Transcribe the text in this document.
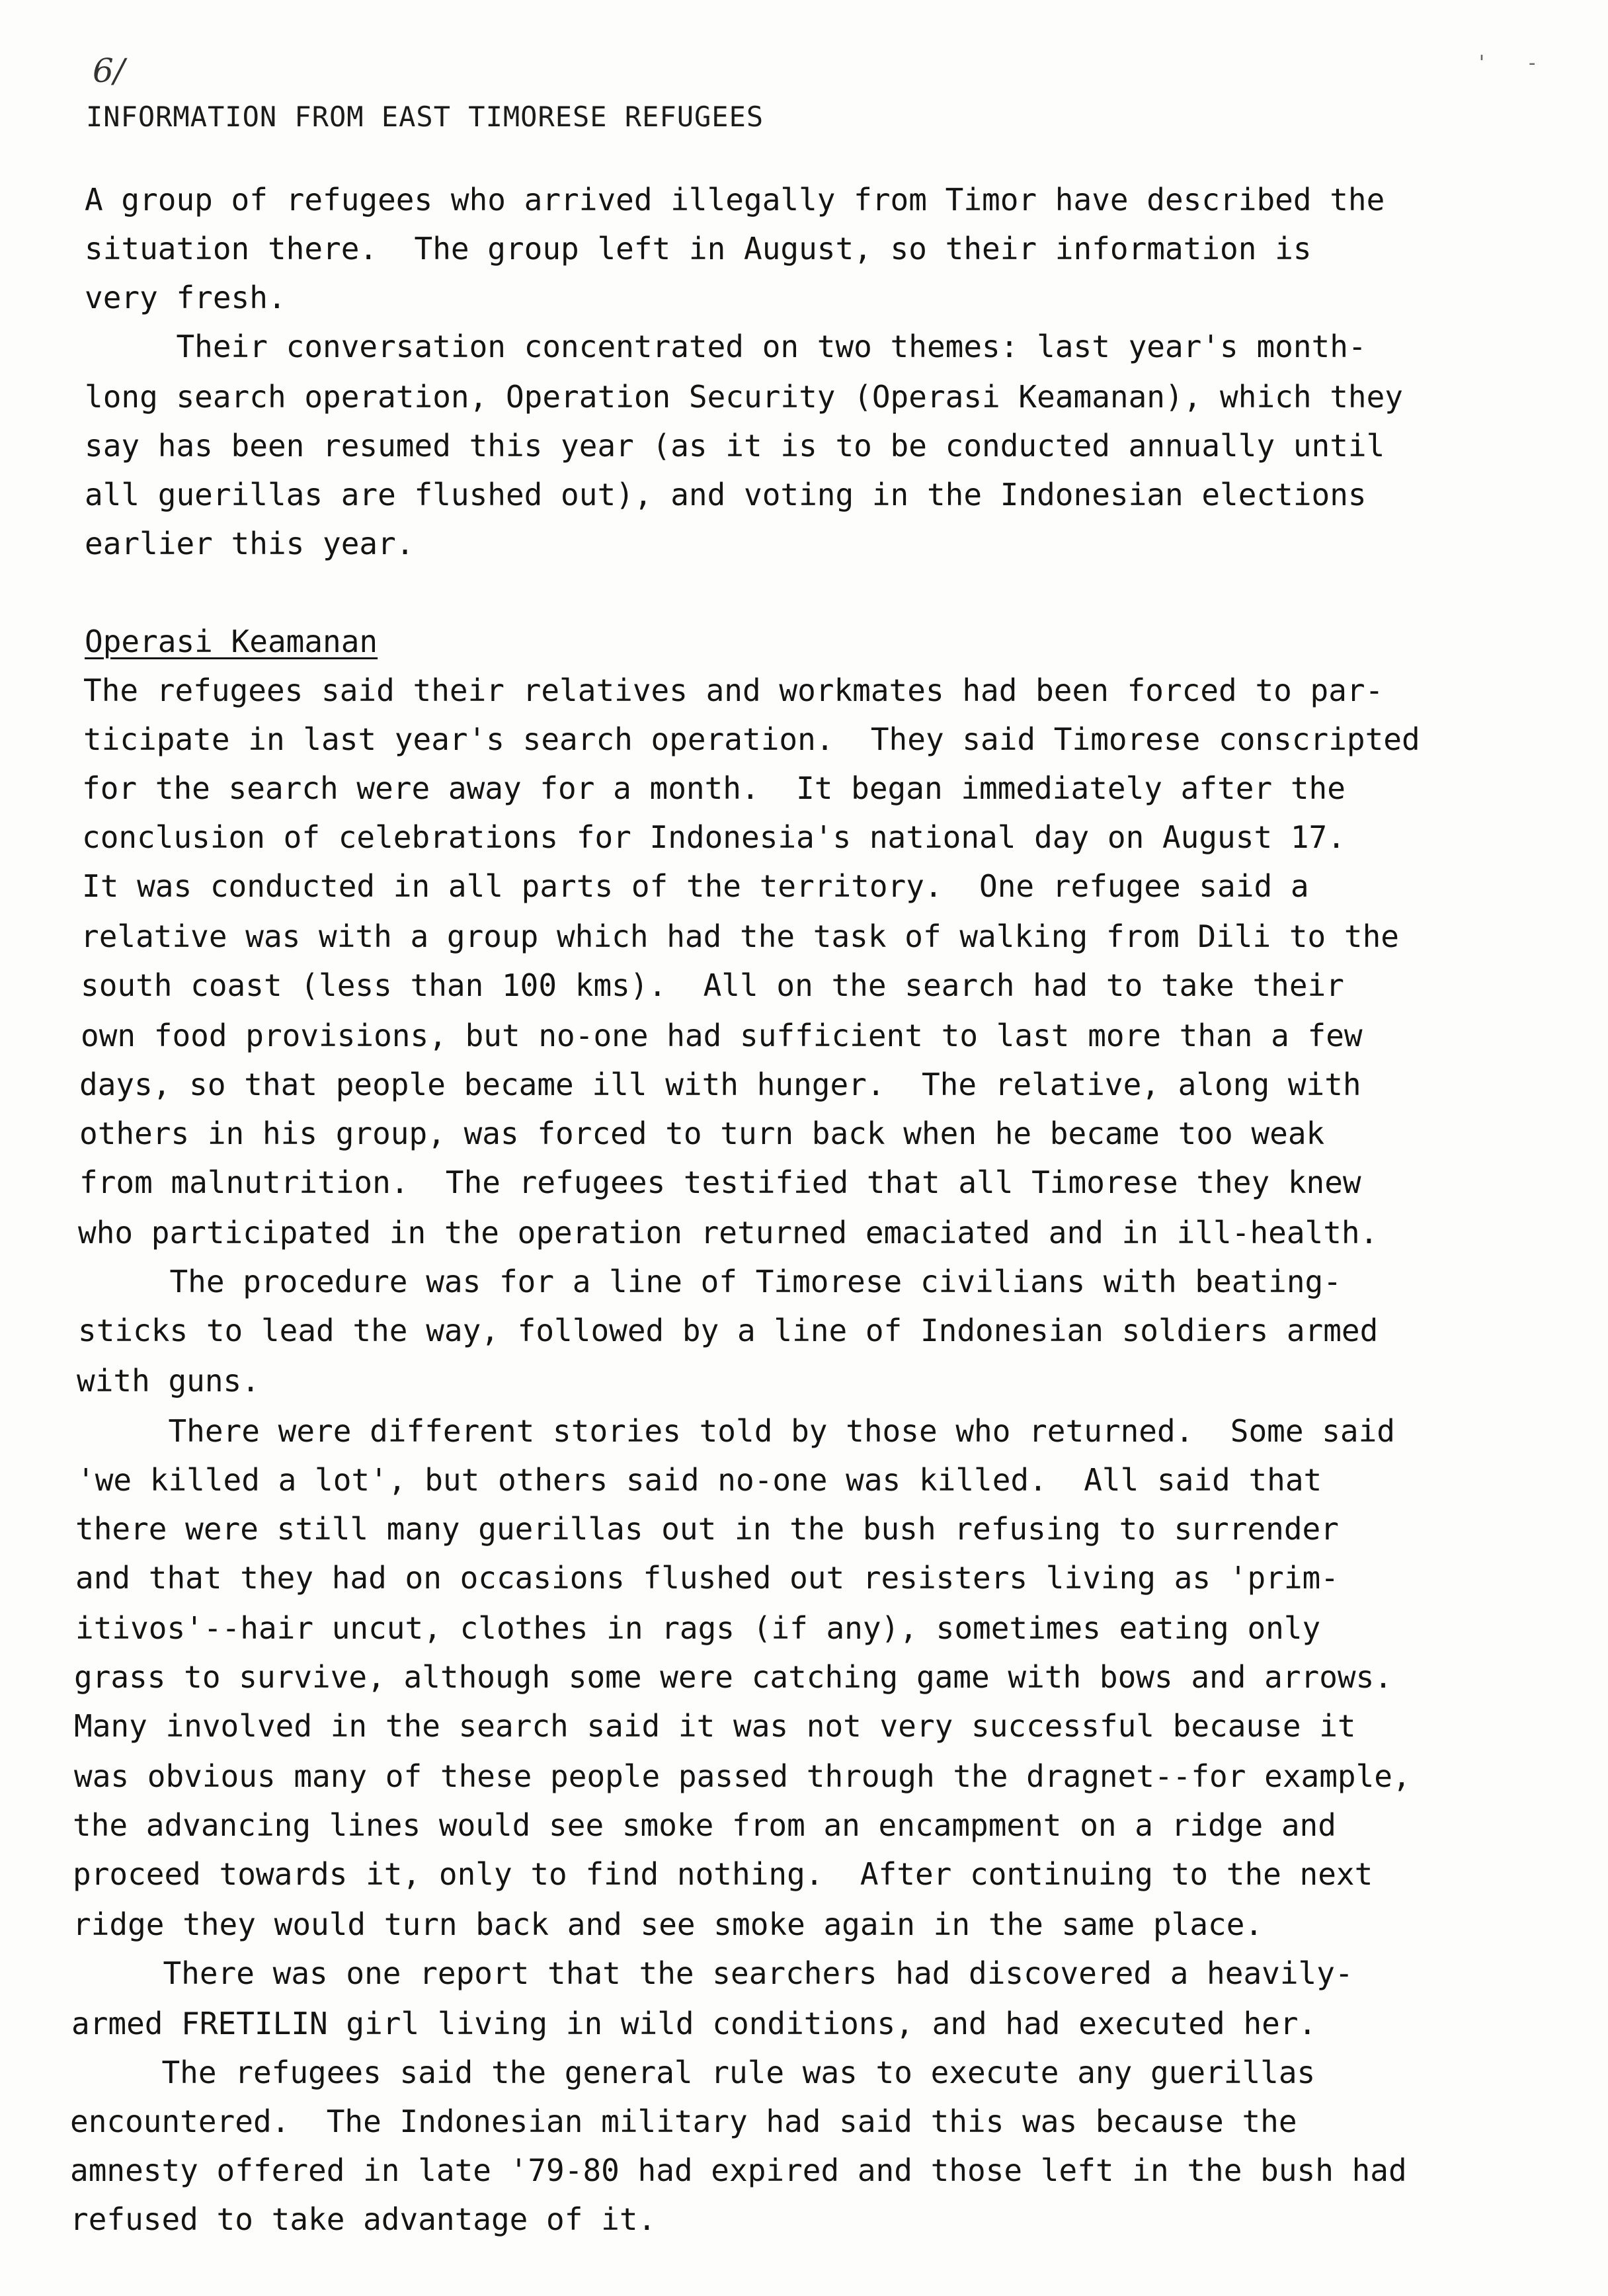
6/	' -
INFORMATION FROM EAST TIMORESE REFUGEES
A group of refugees who arrived illegally from Timor have described the
situation there.  The group left in August, so their information is
very fresh.
Their conversation concentrated on two themes: last year's month-
long search operation, Operation Security (Operasi Keamanan), which they
say has been resumed this year (as it is to be conducted annually until
all guerillas are flushed out), and voting in the Indonesian elections
earlier this year.
Operasi Keamanan
The refugees said their relatives and workmates had been forced to par-
ticipate in last year's search operation.  They said Timorese conscripted
for the search were away for a month.  It began immediately after the
conclusion of celebrations for Indonesia's national day on August 17.
It was conducted in all parts of the territory.  One refugee said a
relative was with a group which had the task of walking from Dili to the
south coast (less than 100 kms).  All on the search had to take their
own food provisions, but no-one had sufficient to last more than a few
days, so that people became ill with hunger.  The relative, along with
others in his group, was forced to turn back when he became too weak
from malnutrition.  The refugees testified that all Timorese they knew
who participated in the operation returned emaciated and in ill-health.
The procedure was for a line of Timorese civilians with beating-
sticks to lead the way, followed by a line of Indonesian soldiers armed
with guns.
There were different stories told by those who returned.  Some said
'we killed a lot', but others said no-one was killed.  All said that
there were still many guerillas out in the bush refusing to surrender
and that they had on occasions flushed out resisters living as 'prim-
itivos'--hair uncut, clothes in rags (if any), sometimes eating only
grass to survive, although some were catching game with bows and arrows.
Many involved in the search said it was not very successful because it
was obvious many of these people passed through the dragnet--for example,
the advancing lines would see smoke from an encampment on a ridge and
proceed towards it, only to find nothing.  After continuing to the next
ridge they would turn back and see smoke again in the same place.
There was one report that the searchers had discovered a heavily-
armed FRETILIN girl living in wild conditions, and had executed her.
The refugees said the general rule was to execute any guerillas
encountered.  The Indonesian military had said this was because the
amnesty offered in late '79-80 had expired and those left in the bush had
refused to take advantage of it.
